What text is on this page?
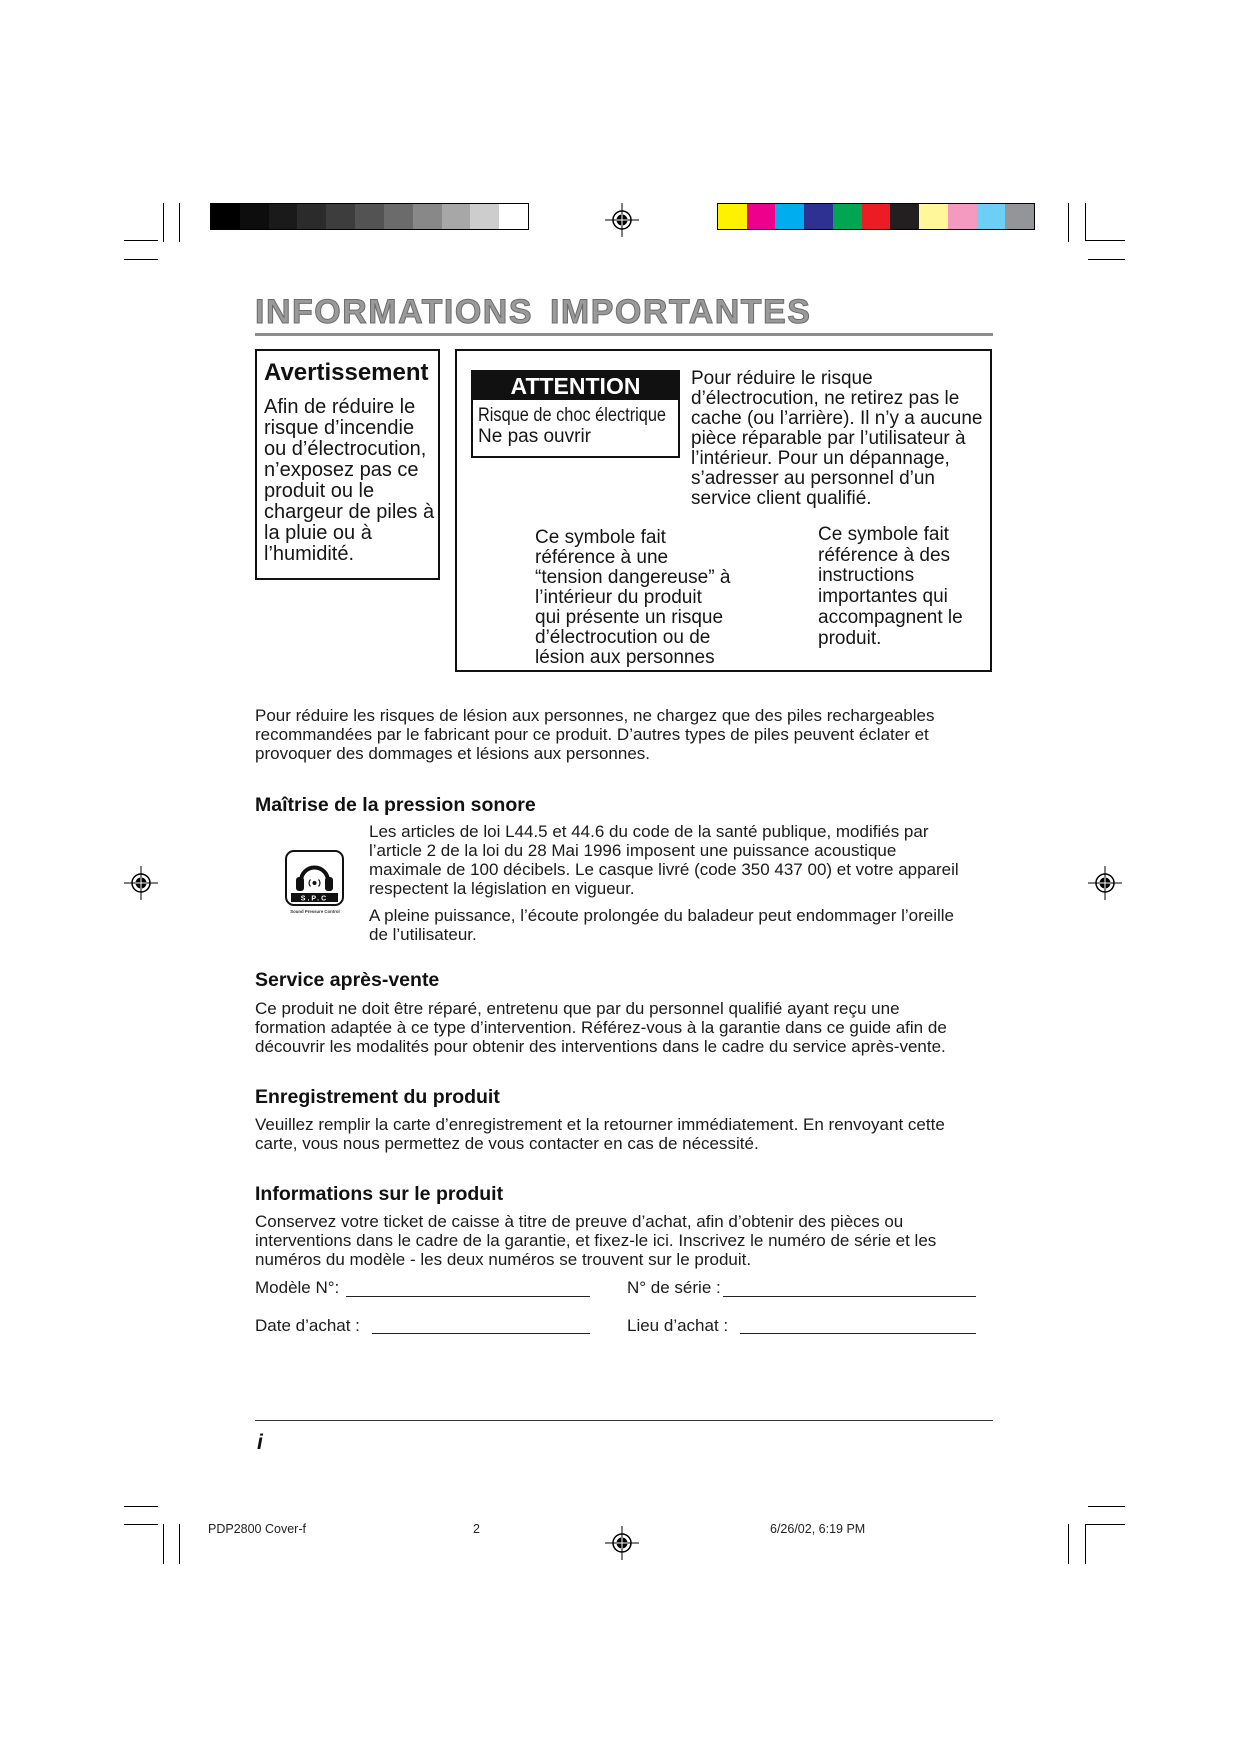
INFORMATIONS IMPORTANTES
Avertissement
Afin de réduire le
risque d’incendie
ou d’électrocution,
n’exposez pas ce
produit ou le
chargeur de piles à
la pluie ou à
l’humidité.
ATTENTION
Risque de choc électrique
Ne pas ouvrir
Pour réduire le risque
d’électrocution, ne retirez pas le
cache (ou l’arrière). Il n’y a aucune
pièce réparable par l’utilisateur à
l’intérieur. Pour un dépannage,
s’adresser au personnel d’un
service client qualifié.
Ce symbole fait
référence à une
“tension dangereuse” à
l’intérieur du produit
qui présente un risque
d’électrocution ou de
lésion aux personnes
Ce symbole fait
référence à des
instructions
importantes qui
accompagnent le
produit.
Pour réduire les risques de lésion aux personnes, ne chargez que des piles rechargeables
recommandées par le fabricant pour ce produit. D’autres types de piles peuvent éclater et
provoquer des dommages et lésions aux personnes.
Maîtrise de la pression sonore
S.P.C
Sound Pressure Control
Les articles de loi L44.5 et 44.6 du code de la santé publique, modifiés par
l’article 2 de la loi du 28 Mai 1996 imposent une puissance acoustique
maximale de 100 décibels. Le casque livré (code 350 437 00) et votre appareil
respectent la législation en vigueur.
A pleine puissance, l’écoute prolongée du baladeur peut endommager l’oreille
de l’utilisateur.
Service après-vente
Ce produit ne doit être réparé, entretenu que par du personnel qualifié ayant reçu une
formation adaptée à ce type d’intervention. Référez-vous à la garantie dans ce guide afin de
découvrir les modalités pour obtenir des interventions dans le cadre du service après-vente.
Enregistrement du produit
Veuillez remplir la carte d’enregistrement et la retourner immédiatement. En renvoyant cette
carte, vous nous permettez de vous contacter en cas de nécessité.
Informations sur le produit
Conservez votre ticket de caisse à titre de preuve d’achat, afin d’obtenir des pièces ou
interventions dans le cadre de la garantie, et fixez-le ici. Inscrivez le numéro de série et les
numéros du modèle - les deux numéros se trouvent sur le produit.
Modèle N°:	N° de série :
Date d’achat :	Lieu d’achat :
i
PDP2800 Cover-f	2	6/26/02, 6:19 PM
